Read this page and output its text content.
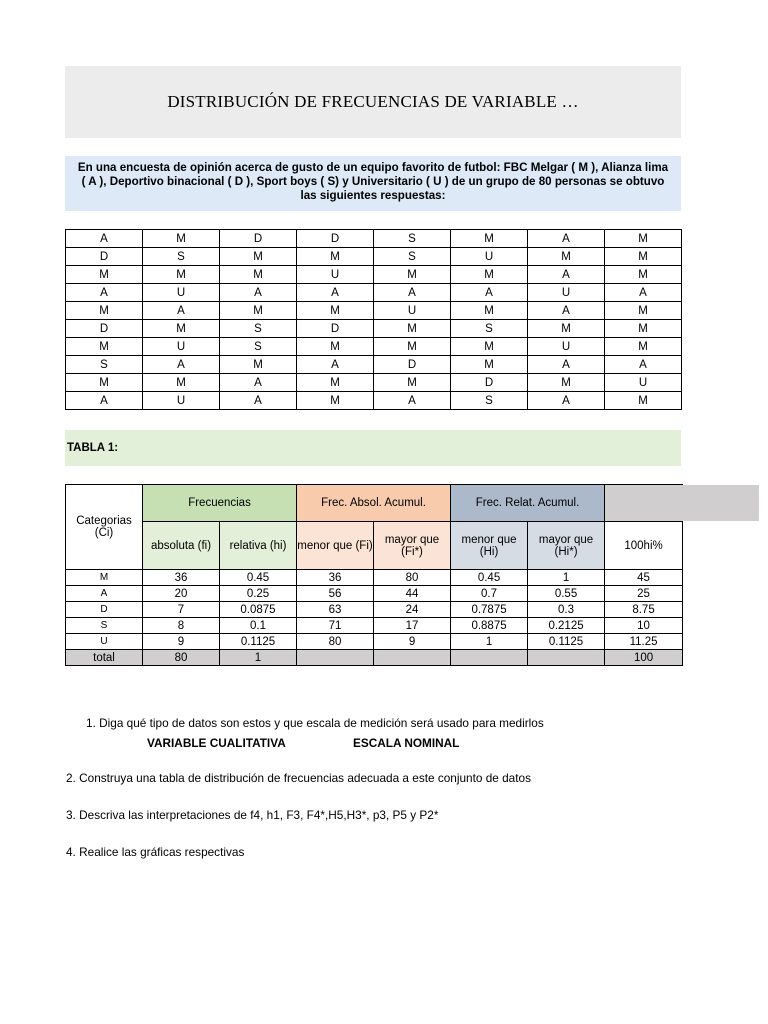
DISTRIBUCIÓN DE FRECUENCIAS DE VARIABLE …
En una encuesta de opinión acerca de gusto de un equipo favorito de futbol: FBC Melgar ( M ), Alianza lima ( A ), Deportivo binacional ( D ), Sport boys ( S) y Universitario ( U ) de un grupo de 80 personas se obtuvo las siguientes respuestas:
A	M	D	D	S	M	A	M
D	S	M	M	S	U	M	M
M	M	M	U	M	M	A	M
A	U	A	A	A	A	U	A
M	A	M	M	U	M	A	M
D	M	S	D	M	S	M	M
M	U	S	M	M	M	U	M
S	A	M	A	D	M	A	A
M	M	A	M	M	D	M	U
A	U	A	M	A	S	A	M
TABLA 1:
Categorias (Ci)	Frecuencias		Frec. Absol. Acumul.		Frec. Relat. Acumul.		
	absoluta (fi)	relativa (hi)	menor que (Fi)	mayor que (Fi*)	menor que (Hi)	mayor que (Hi*)	100hi%
M	36	0.45	36	80	0.45	1	45
A	20	0.25	56	44	0.7	0.55	25
D	7	0.0875	63	24	0.7875	0.3	8.75
S	8	0.1	71	17	0.8875	0.2125	10
U	9	0.1125	80	9	1	0.1125	11.25
total	80	1					100
1. Diga qué tipo de datos son estos y que escala de medición será usado para medirlos
VARIABLE CUALITATIVA	ESCALA NOMINAL
2. Construya una tabla de distribución de frecuencias adecuada a este conjunto de datos
3. Descriva las interpretaciones de f4, h1, F3, F4*,H5,H3*, p3, P5 y P2*
4. Realice las gráficas respectivas
